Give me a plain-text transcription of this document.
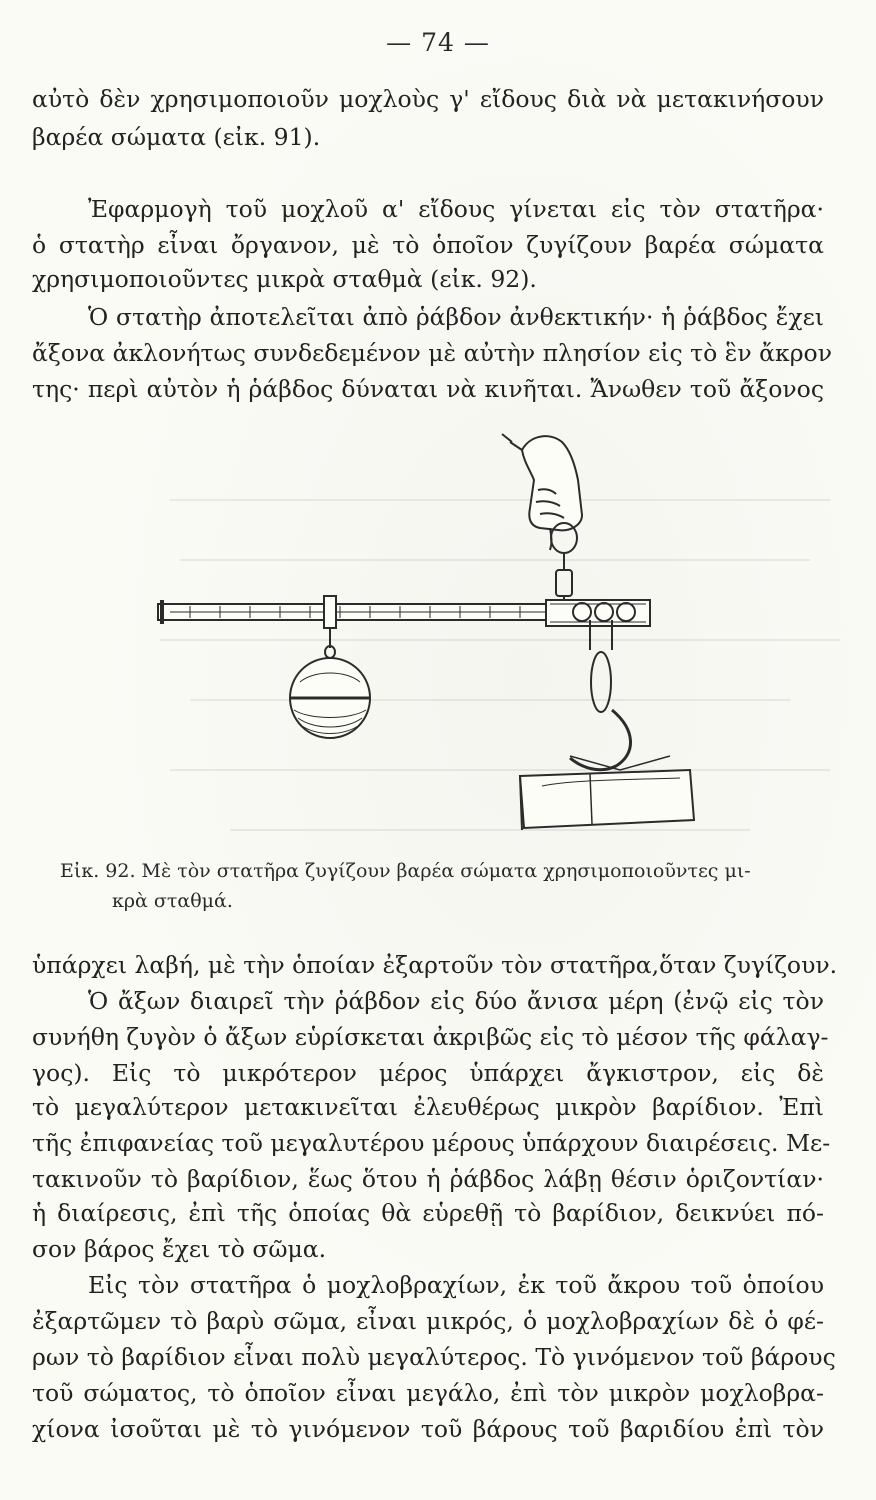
— 74 —
αὐτὸ δὲν χρησιμοποιοῦν μοχλοὺς γ' εἴδους διὰ νὰ μετακινήσουν
βαρέα σώματα (εἰκ. 91).
Ἐφαρμογὴ τοῦ μοχλοῦ α' εἴδους γίνεται εἰς τὸν στατῆρα·
ὁ στατὴρ εἶναι ὄργανον, μὲ τὸ ὁποῖον ζυγίζουν βαρέα σώματα
χρησιμοποιοῦντες μικρὰ σταθμὰ (εἰκ. 92).
Ὁ στατὴρ ἀποτελεῖται ἀπὸ ῥάβδον ἀνθεκτικήν· ἡ ῥάβδος ἔχει
ἄξονα ἀκλονήτως συνδεδεμένον μὲ αὐτὴν πλησίον εἰς τὸ ἓν ἄκρον
της· περὶ αὐτὸν ἡ ῥάβδος δύναται νὰ κινῆται. Ἄνωθεν τοῦ ἄξονος
Εἰκ. 92. Μὲ τὸν στατῆρα ζυγίζουν βαρέα σώματα χρησιμοποιοῦντες μι-
κρὰ σταθμά.
ὑπάρχει λαβή, μὲ τὴν ὁποίαν ἐξαρτοῦν τὸν στατῆρα,ὅταν ζυγίζουν.
Ὁ ἄξων διαιρεῖ τὴν ῥάβδον εἰς δύο ἄνισα μέρη (ἐνῷ εἰς τὸν
συνήθη ζυγὸν ὁ ἄξων εὑρίσκεται ἀκριβῶς εἰς τὸ μέσον τῆς φάλαγ-
γος). Εἰς τὸ μικρότερον μέρος ὑπάρχει ἄγκιστρον, εἰς δὲ
τὸ μεγαλύτερον μετακινεῖται ἐλευθέρως μικρὸν βαρίδιον. Ἐπὶ
τῆς ἐπιφανείας τοῦ μεγαλυτέρου μέρους ὑπάρχουν διαιρέσεις. Με-
τακινοῦν τὸ βαρίδιον, ἕως ὅτου ἡ ῥάβδος λάβῃ θέσιν ὁριζοντίαν·
ἡ διαίρεσις, ἐπὶ τῆς ὁποίας θὰ εὑρεθῇ τὸ βαρίδιον, δεικνύει πό-
σον βάρος ἔχει τὸ σῶμα.
Εἰς τὸν στατῆρα ὁ μοχλοβραχίων, ἐκ τοῦ ἄκρου τοῦ ὁποίου
ἐξαρτῶμεν τὸ βαρὺ σῶμα, εἶναι μικρός, ὁ μοχλοβραχίων δὲ ὁ φέ-
ρων τὸ βαρίδιον εἶναι πολὺ μεγαλύτερος. Τὸ γινόμενον τοῦ βάρους
τοῦ σώματος, τὸ ὁποῖον εἶναι μεγάλο, ἐπὶ τὸν μικρὸν μοχλοβρα-
χίονα ἰσοῦται μὲ τὸ γινόμενον τοῦ βάρους τοῦ βαριδίου ἐπὶ τὸν
